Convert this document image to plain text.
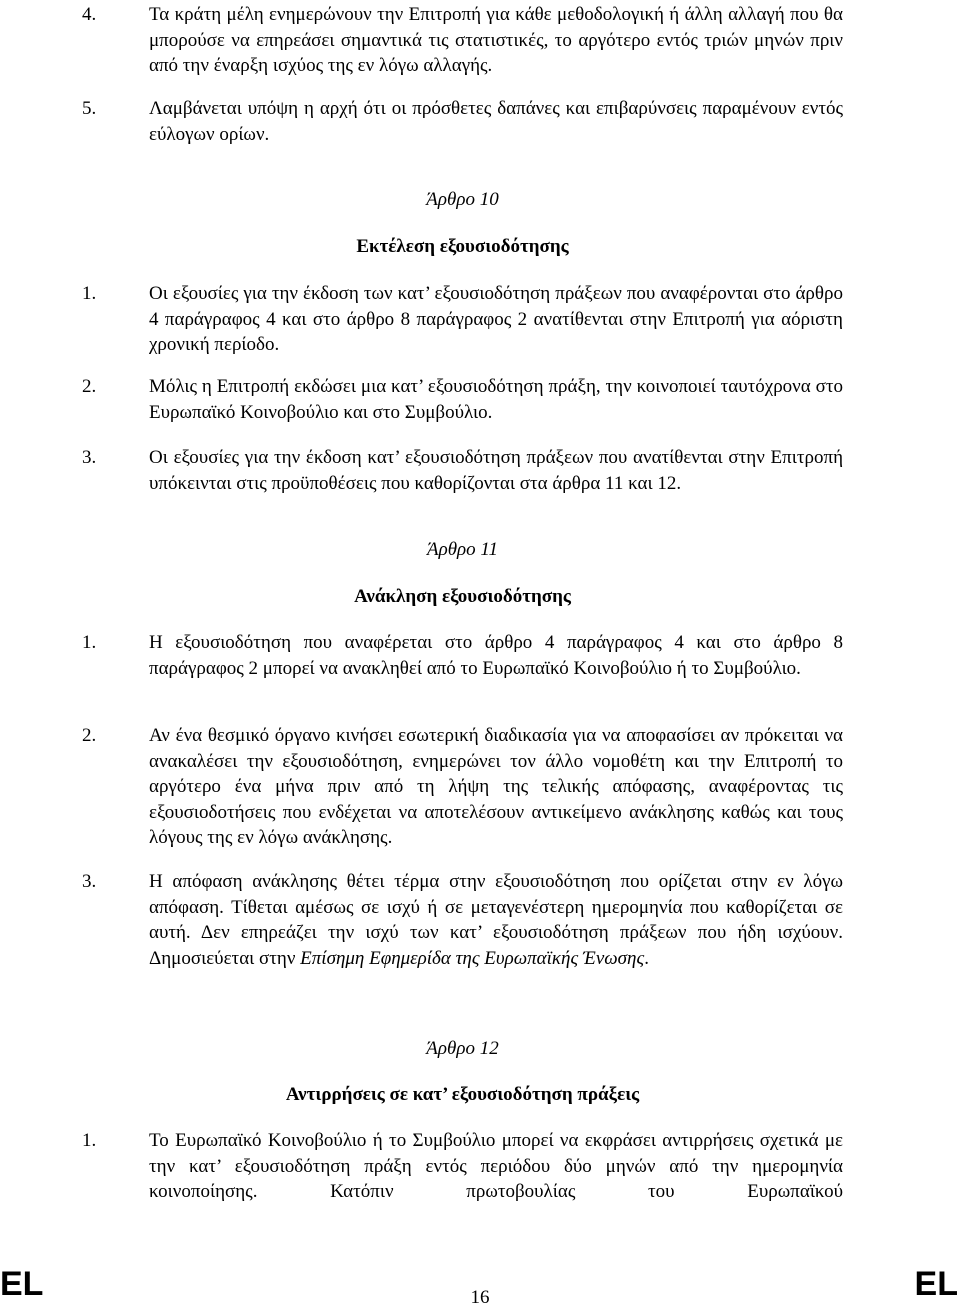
4.	Τα κράτη μέλη ενημερώνουν την Επιτροπή για κάθε μεθοδολογική ή άλλη αλλαγή που θα μπορούσε να επηρεάσει σημαντικά τις στατιστικές, το αργότερο εντός τριών μηνών πριν από την έναρξη ισχύος της εν λόγω αλλαγής.
5.	Λαμβάνεται υπόψη η αρχή ότι οι πρόσθετες δαπάνες και επιβαρύνσεις παραμένουν εντός εύλογων ορίων.
Άρθρο 10
Εκτέλεση εξουσιοδότησης
1.	Οι εξουσίες για την έκδοση των κατ’ εξουσιοδότηση πράξεων που αναφέρονται στο άρθρο 4 παράγραφος 4 και στο άρθρο 8 παράγραφος 2 ανατίθενται στην Επιτροπή για αόριστη χρονική περίοδο.
2.	Μόλις η Επιτροπή εκδώσει μια κατ’ εξουσιοδότηση πράξη, την κοινοποιεί ταυτόχρονα στο Ευρωπαϊκό Κοινοβούλιο και στο Συμβούλιο.
3.	Οι εξουσίες για την έκδοση κατ’ εξουσιοδότηση πράξεων που ανατίθενται στην Επιτροπή υπόκεινται στις προϋποθέσεις που καθορίζονται στα άρθρα 11 και 12.
Άρθρο 11
Ανάκληση εξουσιοδότησης
1.	Η εξουσιοδότηση που αναφέρεται στο άρθρο 4 παράγραφος 4 και στο άρθρο 8 παράγραφος 2 μπορεί να ανακληθεί από το Ευρωπαϊκό Κοινοβούλιο ή το Συμβούλιο.
2.	Αν ένα θεσμικό όργανο κινήσει εσωτερική διαδικασία για να αποφασίσει αν πρόκειται να ανακαλέσει την εξουσιοδότηση, ενημερώνει τον άλλο νομοθέτη και την Επιτροπή το αργότερο ένα μήνα πριν από τη λήψη της τελικής απόφασης, αναφέροντας τις εξουσιοδοτήσεις που ενδέχεται να αποτελέσουν αντικείμενο ανάκλησης καθώς και τους λόγους της εν λόγω ανάκλησης.
3.	Η απόφαση ανάκλησης θέτει τέρμα στην εξουσιοδότηση που ορίζεται στην εν λόγω απόφαση. Τίθεται αμέσως σε ισχύ ή σε μεταγενέστερη ημερομηνία που καθορίζεται σε αυτή. Δεν επηρεάζει την ισχύ των κατ’ εξουσιοδότηση πράξεων που ήδη ισχύουν. Δημοσιεύεται στην Επίσημη Εφημερίδα της Ευρωπαϊκής Ένωσης.
Άρθρο 12
Αντιρρήσεις σε κατ’ εξουσιοδότηση πράξεις
1.	Το Ευρωπαϊκό Κοινοβούλιο ή το Συμβούλιο μπορεί να εκφράσει αντιρρήσεις σχετικά με την κατ’ εξουσιοδότηση πράξη εντός περιόδου δύο μηνών από την ημερομηνία κοινοποίησης. Κατόπιν πρωτοβουλίας του Ευρωπαϊκού
EL	16	EL
